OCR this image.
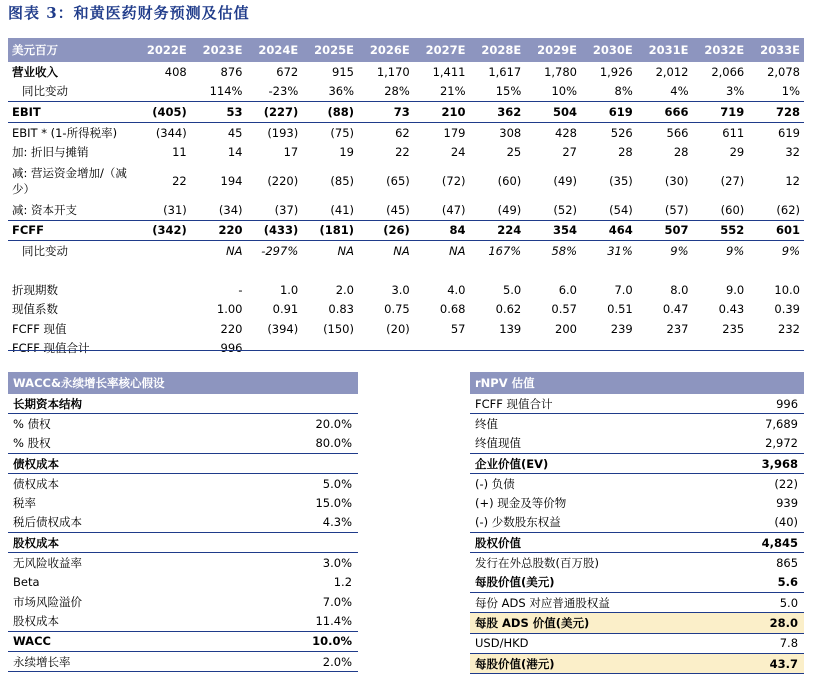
图表 3：和黄医药财务预测及估值
美元百万	2022E	2023E	2024E	2025E	2026E	2027E	2028E	2029E	2030E	2031E	2032E	2033E
营业收入	408	876	672	915	1,170	1,411	1,617	1,780	1,926	2,012	2,066	2,078
同比变动		114%	-23%	36%	28%	21%	15%	10%	8%	4%	3%	1%
EBIT	(405)	53	(227)	(88)	73	210	362	504	619	666	719	728
EBIT * (1-所得税率)	(344)	45	(193)	(75)	62	179	308	428	526	566	611	619
加: 折旧与摊销	11	14	17	19	22	24	25	27	28	28	29	32
减: 营运资金增加/（减少）	22	194	(220)	(85)	(65)	(72)	(60)	(49)	(35)	(30)	(27)	12
减: 资本开支	(31)	(34)	(37)	(41)	(45)	(47)	(49)	(52)	(54)	(57)	(60)	(62)
FCFF	(342)	220	(433)	(181)	(26)	84	224	354	464	507	552	601
同比变动		NA	-297%	NA	NA	NA	167%	58%	31%	9%	9%	9%

折现期数		-	1.0	2.0	3.0	4.0	5.0	6.0	7.0	8.0	9.0	10.0
现值系数		1.00	0.91	0.83	0.75	0.68	0.62	0.57	0.51	0.47	0.43	0.39
FCFF 现值		220	(394)	(150)	(20)	57	139	200	239	237	235	232
FCFF 现值合计		996										
WACC&永续增长率核心假设	
长期资本结构	
% 债权	20.0%
% 股权	80.0%
债权成本	
债权成本	5.0%
税率	15.0%
税后债权成本	4.3%
股权成本	
无风险收益率	3.0%
Beta	1.2
市场风险溢价	7.0%
股权成本	11.4%
WACC	10.0%
永续增长率	2.0%
rNPV 估值	
FCFF 现值合计	996
终值	7,689
终值现值	2,972
企业价值(EV)	3,968
(-) 负债	(22)
(+) 现金及等价物	939
(-) 少数股东权益	(40)
股权价值	4,845
发行在外总股数(百万股)	865
每股价值(美元)	5.6
每份 ADS 对应普通股权益	5.0
每股 ADS 价值(美元)	28.0
USD/HKD	7.8
每股价值(港元)	43.7
